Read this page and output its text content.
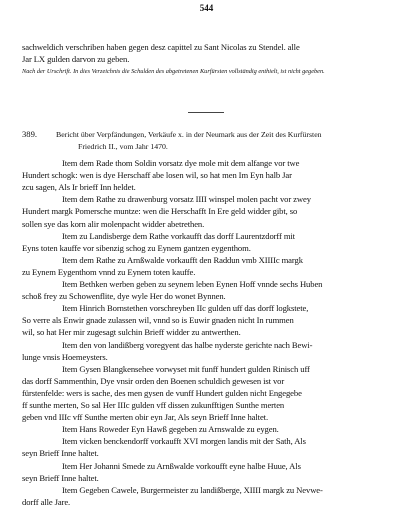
544
sachweldich verschriben haben gegen desz capittel zu Sant Nicolas zu Stendel. alle
Jar LX gulden darvon zu geben.
Nach der Urschrift. In dies Verzeichnis die Schulden des abgetretenen Kurfürsten vollständig enthielt, ist nicht gegeben.
389. Bericht über Verpfändungen, Verkäufe x. in der Neumark aus der Zeit des Kurfürsten
Friedrich II., vom Jahr 1470.
Item dem Rade thom Soldin vorsatz dye mole mit dem alfange vor twe
Hundert schogk: wen is dye Herschaff abe losen wil, so hat men Im Eyn halb Jar
zcu sagen, Als Ir brieff Inn heldet.
Item dem Rathe zu drawenburg vorsatz IIII winspel molen pacht vor zwey
Hundert margk Pomersche muntze: wen die Herschafft In Ere geld widder gibt, so
sollen sye das korn alir molenpacht widder abetrethen.
Item zu Landisberge dem Rathe vorkaufft das dorff Laurentzdorff mit
Eyns toten kauffe vor sibenzig schog zu Eynem gantzen eygenthom.
Item dem Rathe zu Arnßwalde vorkaufft den Raddun vmb XIIIIc margk
zu Eynem Eygenthom vnnd zu Eynem toten kauffe.
Item Bethken werben geben zu seynem leben Eynen Hoff vnnde sechs Huben
schoß frey zu Schowenflite, dye wyle Her do wonet Bynnen.
Item Hinrich Bornstethen vorschreyben IIc gulden uff das dorff logkstete,
So verre als Enwir gnade zulassen wil, vnnd so is Euwir gnaden nicht In rummen
wil, so hat Her mir zugesagt sulchin Brieff widder zu antwerthen.
Item den von landißberg voregyent das halbe nyderste gerichte nach Bewi-
lunge vnsis Hoemeysters.
Item Gysen Blangkensehee vorwyset mit funff hundert gulden Rinisch uff
das dorff Sammenthin, Dye vnsir orden den Boenen schuldich gewesen ist vor
fürstenfelde: wers is sache, des men gysen de vunff Hundert gulden nicht Engegebe
ff sunthe merten, So sal Her IIIc gulden vff dissen zukunfftigen Sunthe merten
geben vnd IIIc vff Sunthe merten obir eyn Jar, Als seyn Brieff Inne haltet.
Item Hans Roweder Eyn Hawß gegeben zu Arnswalde zu eygen.
Item vicken benckendorff vorkaufft XVI morgen landis mit der Sath, Als
seyn Brieff Inne haltet.
Item Her Johanni Smede zu Arnßwalde vorkoufft eyne halbe Huue, Als
seyn Brieff Inne haltet.
Item Gegeben Cawele, Burgermeister zu landißberge, XIIII margk zu Nevwe-
dorff alle Jare.
